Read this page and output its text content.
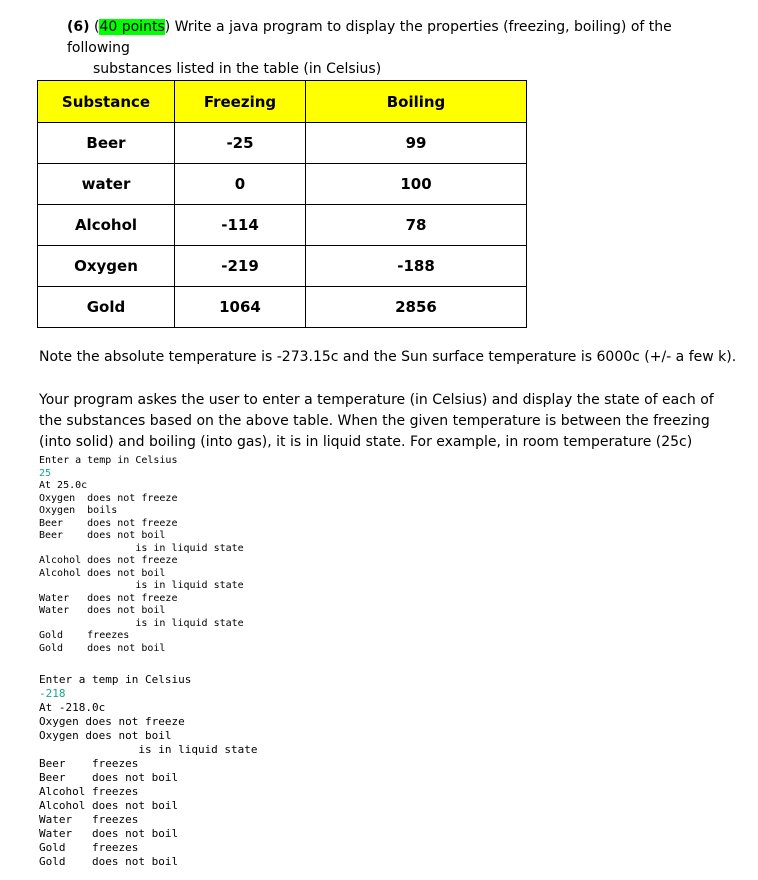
(6) (40 points) Write a java program to display the properties (freezing, boiling) of the following
substances listed in the table (in Celsius)
Substance	Freezing	Boiling
Beer	-25	99
water	0	100
Alcohol	-114	78
Oxygen	-219	-188
Gold	1064	2856
Note the absolute temperature is -273.15c and the Sun surface temperature is 6000c (+/- a few k).
Your program askes the user to enter a temperature (in Celsius) and display the state of each of the substances based on the above table. When the given temperature is between the freezing (into solid) and boiling (into gas), it is in liquid state. For example, in room temperature (25c)
Enter a temp in Celsius
25
At 25.0c
Oxygen  does not freeze
Oxygen  boils
Beer    does not freeze
Beer    does not boil
is in liquid state
Alcohol does not freeze
Alcohol does not boil
is in liquid state
Water   does not freeze
Water   does not boil
is in liquid state
Gold    freezes
Gold    does not boil
Enter a temp in Celsius
-218
At -218.0c
Oxygen does not freeze
Oxygen does not boil
is in liquid state
Beer    freezes
Beer    does not boil
Alcohol freezes
Alcohol does not boil
Water   freezes
Water   does not boil
Gold    freezes
Gold    does not boil
